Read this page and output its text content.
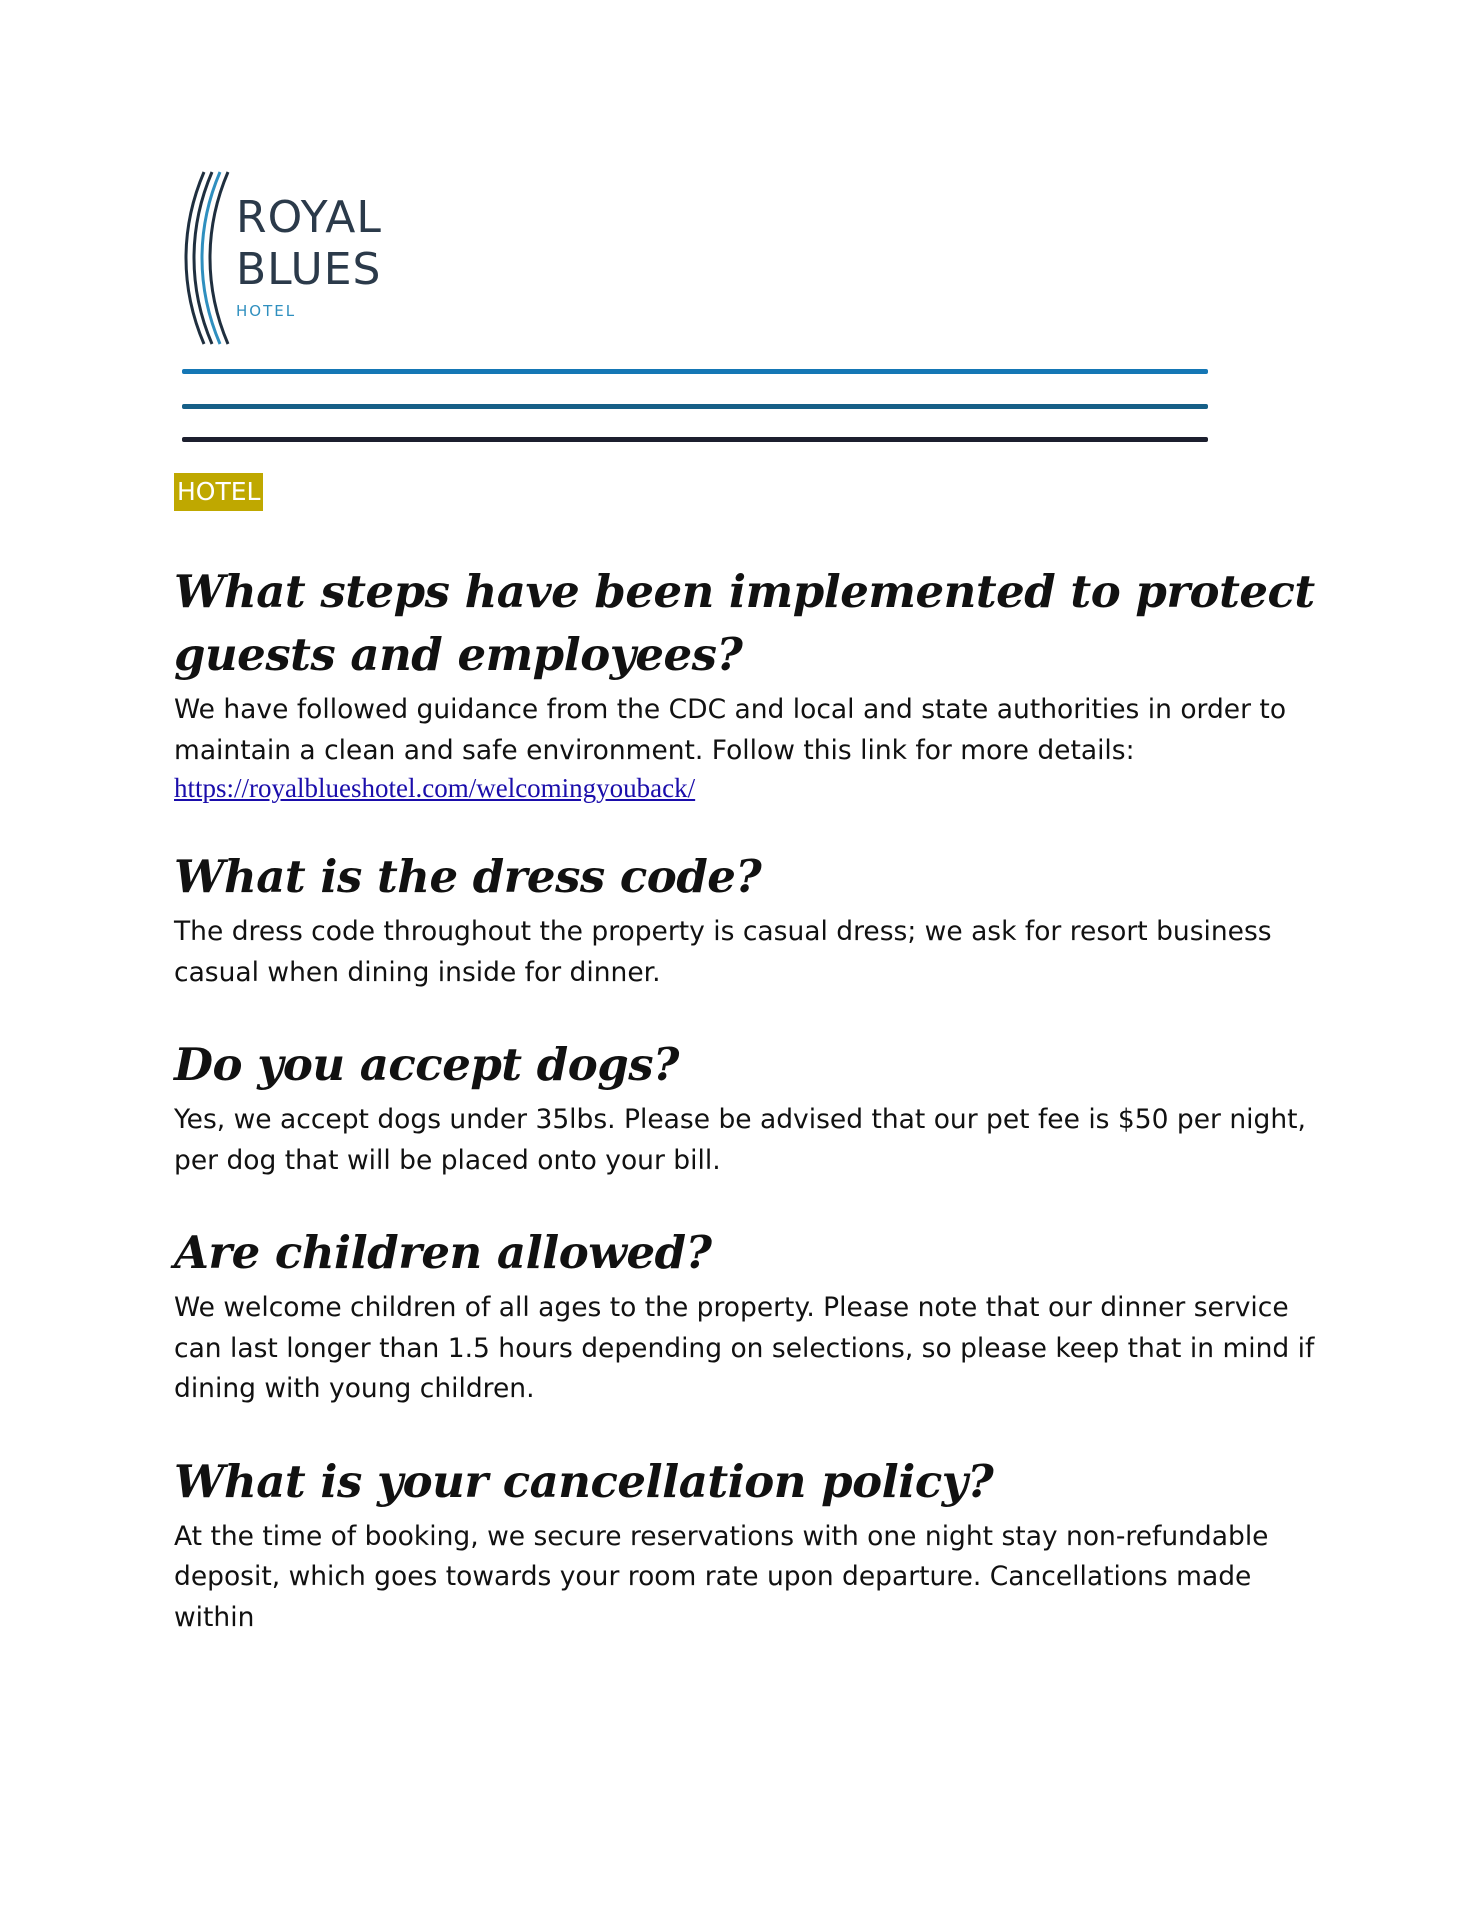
ROYAL
BLUES
HOTEL
HOTEL
What steps have been implemented to protect guests and employees?

We have followed guidance from the CDC and local and state authorities in order to maintain a clean and safe environment. Follow this link for more details:
https://royalblueshotel.com/welcomingyouback/

What is the dress code?

The dress code throughout the property is casual dress; we ask for resort business casual when dining inside for dinner.

Do you accept dogs?

Yes, we accept dogs under 35lbs. Please be advised that our pet fee is $50 per night, per dog that will be placed onto your bill.

Are children allowed?

We welcome children of all ages to the property. Please note that our dinner service can last longer than 1.5 hours depending on selections, so please keep that in mind if dining with young children.

What is your cancellation policy?

At the time of booking, we secure reservations with one night stay non-refundable deposit, which goes towards your room rate upon departure. Cancellations made within
